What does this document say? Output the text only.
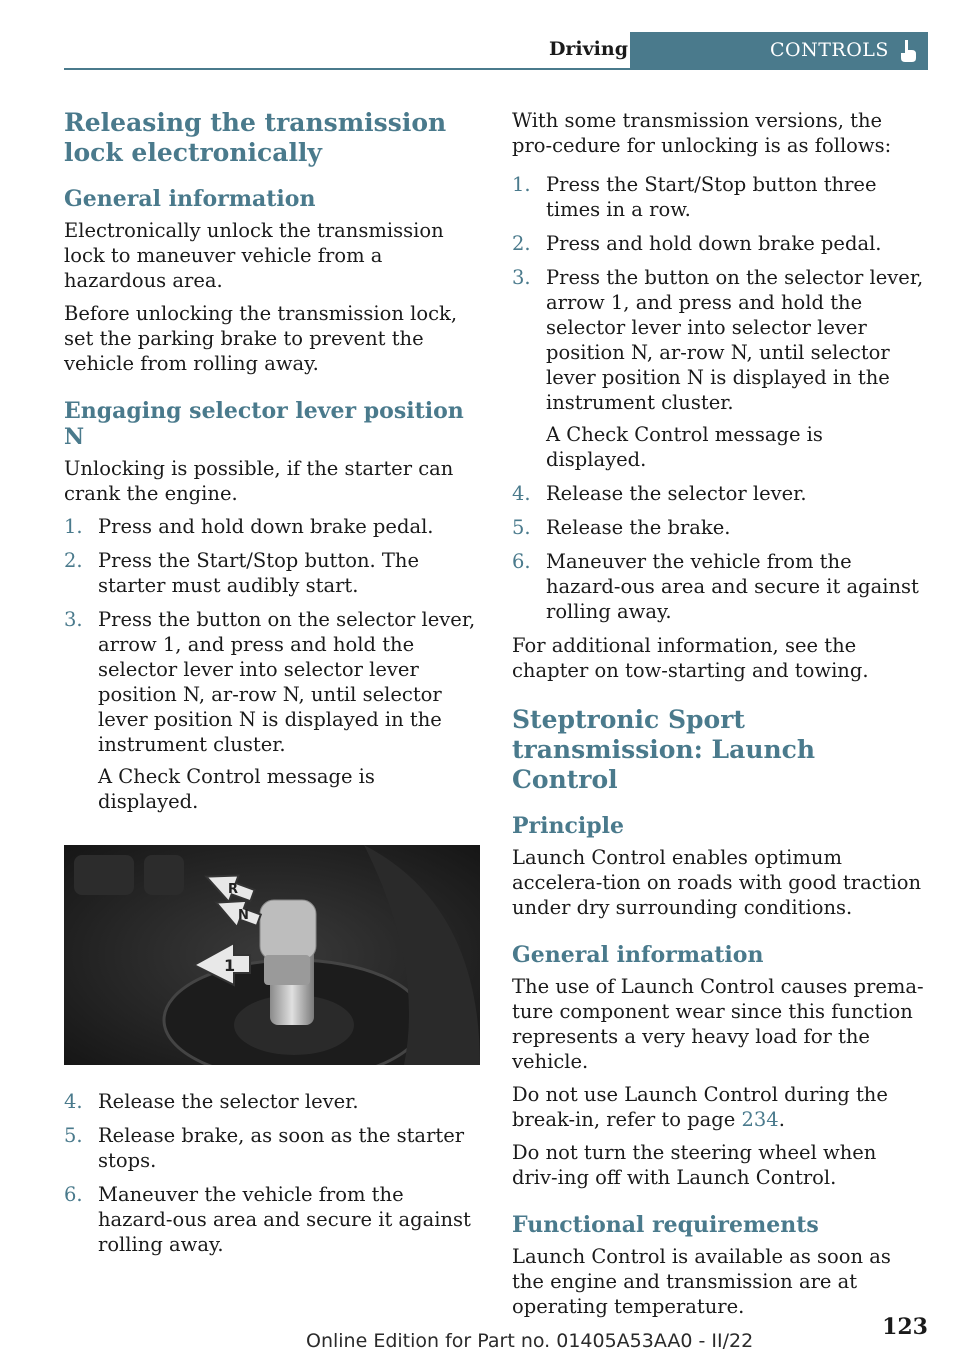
Driving	CONTROLS
Releasing the transmission lock electronically
General information

Electronically unlock the transmission lock to maneuver vehicle from a hazardous area.

Before unlocking the transmission lock, set the parking brake to prevent the vehicle from rolling away.

Engaging selector lever position N

Unlocking is possible, if the starter can crank the engine.

1. Press and hold down brake pedal.
2. Press the Start/Stop button. The starter must audibly start.
3. Press the button on the selector lever, arrow 1, and press and hold the selector lever into selector lever position N, ar-row N, until selector lever position N is displayed in the instrument cluster.
A Check Control message is displayed.
1
R
N
4. Release the selector lever.
5. Release brake, as soon as the starter stops.
6. Maneuver the vehicle from the hazard-ous area and secure it against rolling away.

With some transmission versions, the pro-cedure for unlocking is as follows:

1. Press the Start/Stop button three times in a row.
2. Press and hold down brake pedal.
3. Press the button on the selector lever, arrow 1, and press and hold the selector lever into selector lever position N, ar-row N, until selector lever position N is displayed in the instrument cluster.
A Check Control message is displayed.
4. Release the selector lever.
5. Release the brake.
6. Maneuver the vehicle from the hazard-ous area and secure it against rolling away.

For additional information, see the chapter on tow-starting and towing.

Steptronic Sport transmission: Launch Control
Principle

Launch Control enables optimum accelera-tion on roads with good traction under dry surrounding conditions.

General information

The use of Launch Control causes prema-ture component wear since this function represents a very heavy load for the vehicle.

Do not use Launch Control during the break-in, refer to page 234.

Do not turn the steering wheel when driv-ing off with Launch Control.

Functional requirements

Launch Control is available as soon as the engine and transmission are at operating temperature.

123
Online Edition for Part no. 01405A53AA0 - II/22
